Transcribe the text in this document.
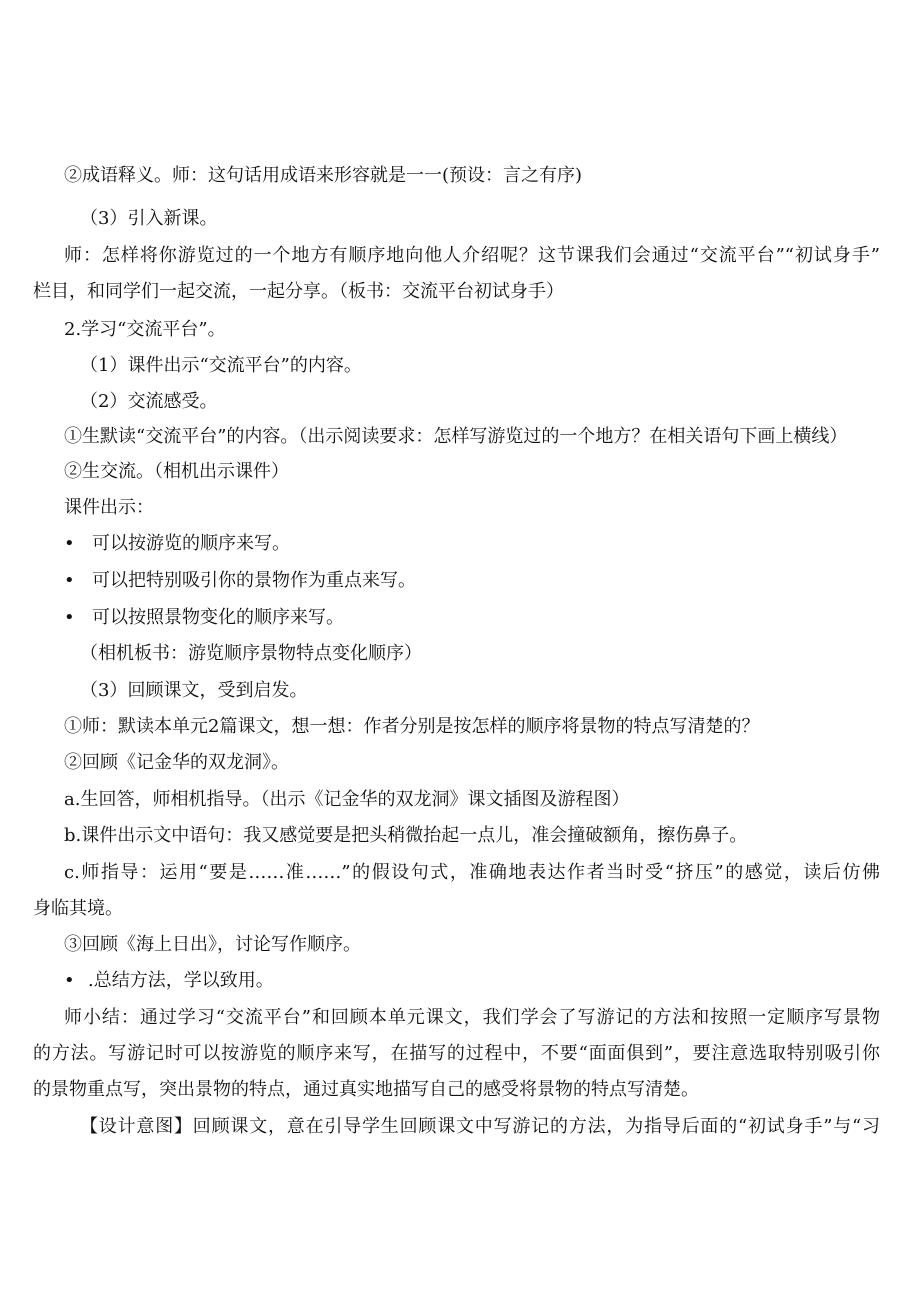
②成语释义。师：这句话用成语来形容就是一一(预设：言之有序)
（3）引入新课。
师：怎样将你游览过的一个地方有顺序地向他人介绍呢？这节课我们会通过“交流平台”“初试身手”
栏目，和同学们一起交流，一起分享。（板书：交流平台初试身手）
2.学习“交流平台”。
（1）课件出示“交流平台”的内容。
（2）交流感受。
①生默读“交流平台”的内容。（出示阅读要求：怎样写游览过的一个地方？在相关语句下画上横线）
②生交流。（相机出示课件）
课件出示：
• 可以按游览的顺序来写。
• 可以把特别吸引你的景物作为重点来写。
• 可以按照景物变化的顺序来写。
（相机板书：游览顺序景物特点变化顺序）
（3）回顾课文，受到启发。
①师：默读本单元2篇课文，想一想：作者分别是按怎样的顺序将景物的特点写清楚的？
②回顾《记金华的双龙洞》。
a.生回答，师相机指导。（出示《记金华的双龙洞》课文插图及游程图）
b.课件出示文中语句：我又感觉要是把头稍微抬起一点儿，准会撞破额角，擦伤鼻子。
c.师指导：运用“要是……准……”的假设句式，准确地表达作者当时受“挤压”的感觉，读后仿佛
身临其境。
③回顾《海上日出》，讨论写作顺序。
• .总结方法，学以致用。
师小结：通过学习“交流平台”和回顾本单元课文，我们学会了写游记的方法和按照一定顺序写景物
的方法。写游记时可以按游览的顺序来写，在描写的过程中，不要“面面俱到”，要注意选取特别吸引你
的景物重点写，突出景物的特点，通过真实地描写自己的感受将景物的特点写清楚。
【设计意图】回顾课文，意在引导学生回顾课文中写游记的方法，为指导后面的“初试身手”与“习
